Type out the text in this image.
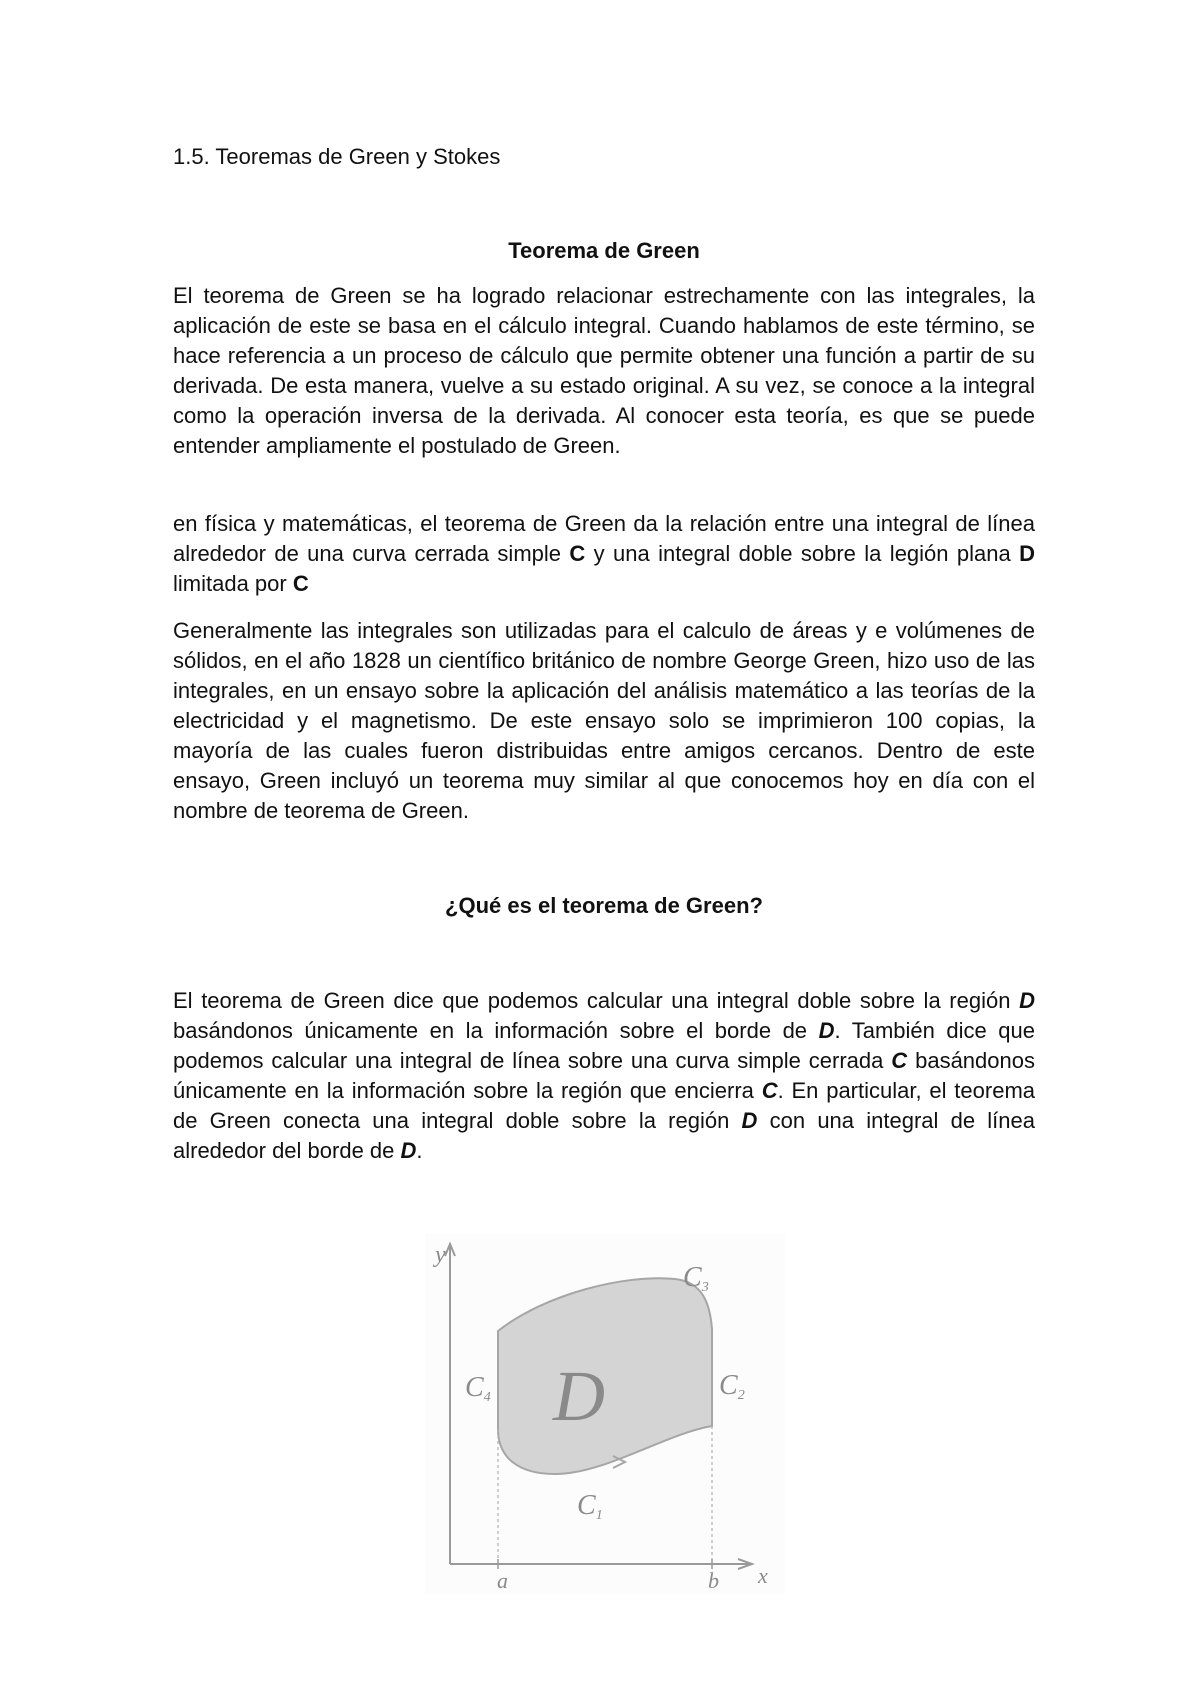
1.5. Teoremas de Green y Stokes
Teorema de Green

El teorema de Green se ha logrado relacionar estrechamente con las integrales, la aplicación de este se basa en el cálculo integral. Cuando hablamos de este término, se hace referencia a un proceso de cálculo que permite obtener una función a partir de su derivada. De esta manera, vuelve a su estado original. A su vez, se conoce a la integral como la operación inversa de la derivada. Al conocer esta teoría, es que se puede entender ampliamente el postulado de Green.

en física y matemáticas, el teorema de Green da la relación entre una integral de línea alrededor de una curva cerrada simple C y una integral doble sobre la legión plana D limitada por C

Generalmente las integrales son utilizadas para el calculo de áreas y e volúmenes de sólidos, en el año 1828 un científico británico de nombre George Green, hizo uso de las integrales, en un ensayo sobre la aplicación del análisis matemático a las teorías de la electricidad y el magnetismo. De este ensayo solo se imprimieron 100 copias, la mayoría de las cuales fueron distribuidas entre amigos cercanos. Dentro de este ensayo, Green incluyó un teorema muy similar al que conocemos hoy en día con el nombre de teorema de Green.

¿Qué es el teorema de Green?

El teorema de Green dice que podemos calcular una integral doble sobre la región D basándonos únicamente en la información sobre el borde de D. También dice que podemos calcular una integral de línea sobre una curva simple cerrada C basándonos únicamente en la información sobre la región que encierra C. En particular, el teorema de Green conecta una integral doble sobre la región D con una integral de línea alrededor del borde de D.

y
x
a	b
D
C1
C2
C3
C4
